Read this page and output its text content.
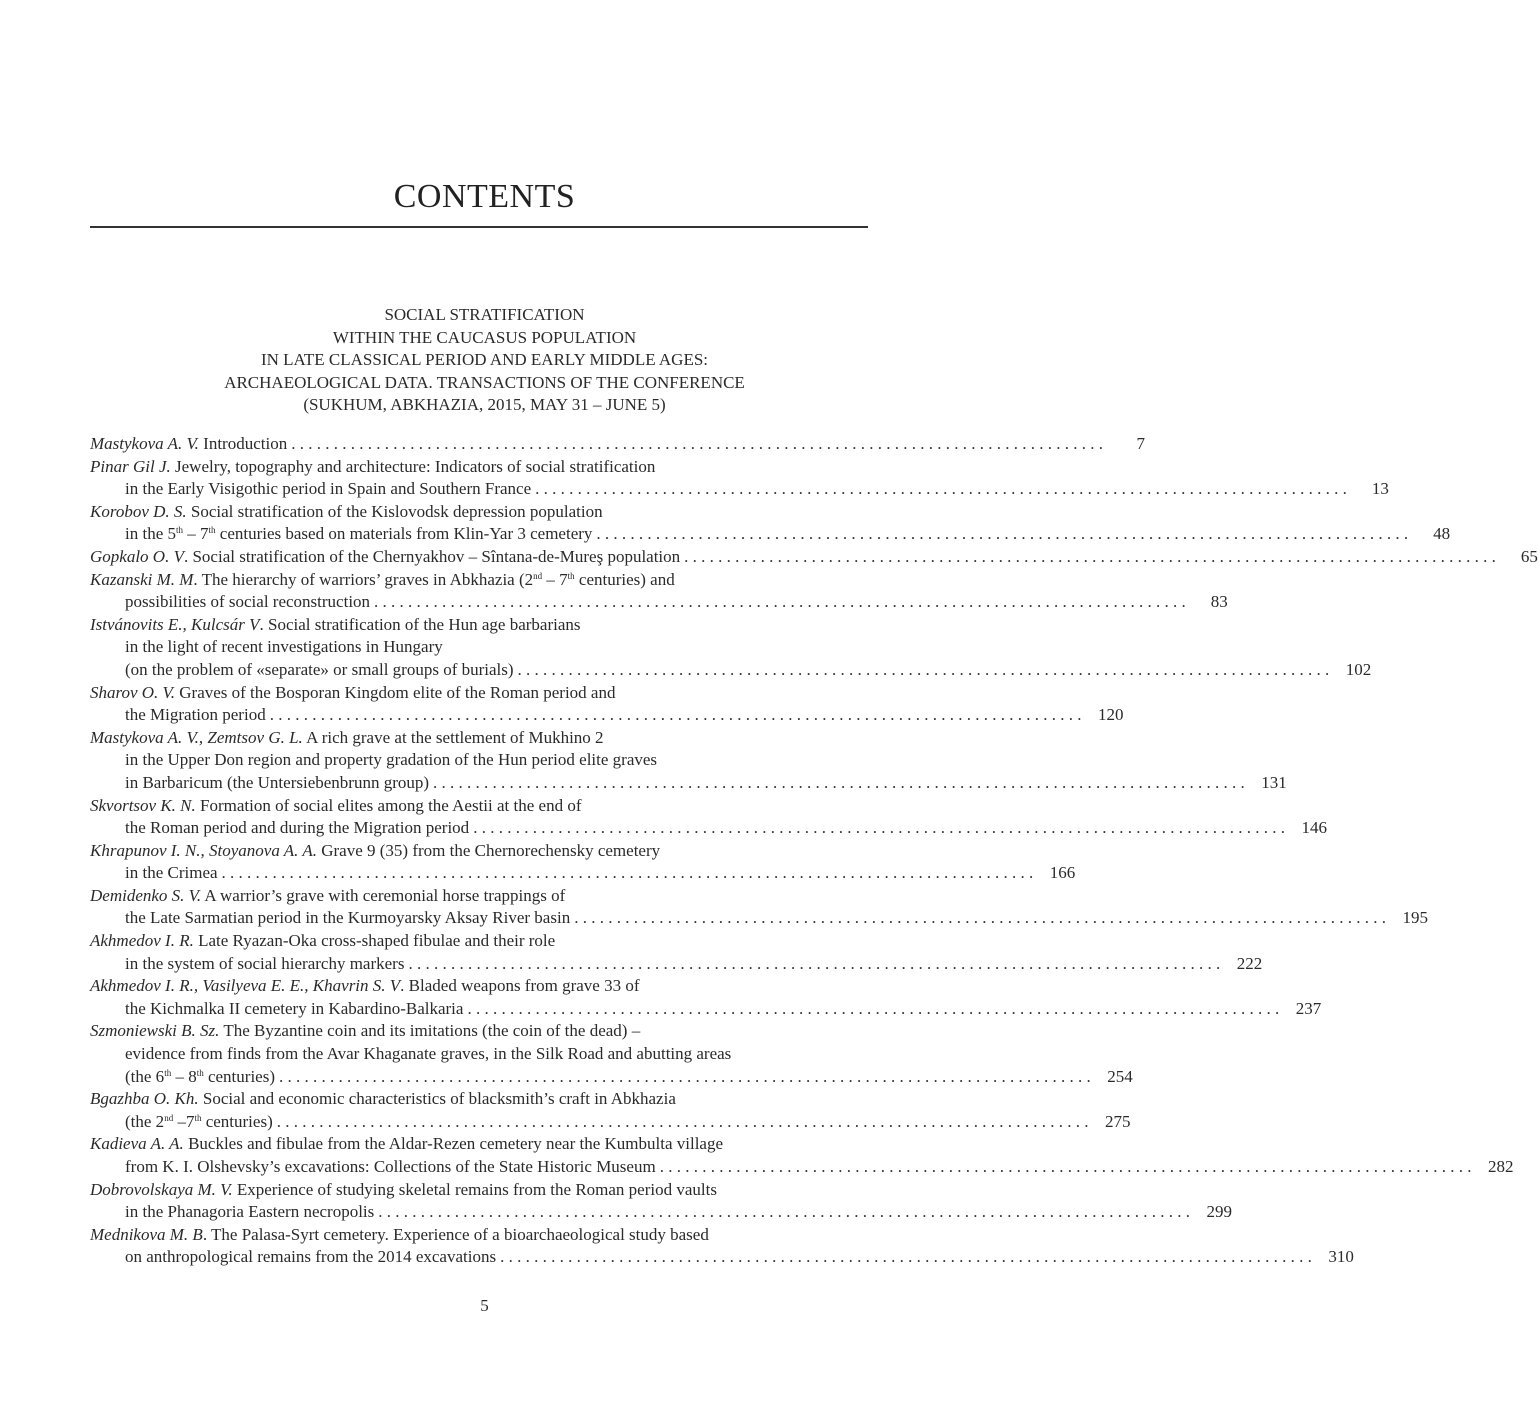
CONTENTS
SOCIAL STRATIFICATION
WITHIN THE CAUCASUS POPULATION
IN LATE CLASSICAL PERIOD AND EARLY MIDDLE AGES:
ARCHAEOLOGICAL DATA. TRANSACTIONS OF THE CONFERENCE
(SUKHUM, ABKHAZIA, 2015, MAY 31 – JUNE 5)
Mastykova A. V. Introduction . . .	7
Pinar Gil J. Jewelry, topography and architecture: Indicators of social stratification
in the Early Visigothic period in Spain and Southern France . . .	13
Korobov D. S. Social stratification of the Kislovodsk depression population
in the 5th – 7th centuries based on materials from Klin-Yar 3 cemetery . . .	48
Gopkalo O. V. Social stratification of the Chernyakhov – Sîntana-de-Mureş population . . .	65
Kazanski M. M. The hierarchy of warriors’ graves in Abkhazia (2nd – 7th centuries) and
possibilities of social reconstruction . . .	83
Istvánovits E., Kulcsár V. Social stratification of the Hun age barbarians
in the light of recent investigations in Hungary
(on the problem of «separate» or small groups of burials) . . .	102
Sharov O. V. Graves of the Bosporan Kingdom elite of the Roman period and
the Migration period . . .	120
Mastykova A. V., Zemtsov G. L. A rich grave at the settlement of Mukhino 2
in the Upper Don region and property gradation of the Hun period elite graves
in Barbaricum (the Untersiebenbrunn group) . . .	131
Skvortsov K. N. Formation of social elites among the Aestii at the end of
the Roman period and during the Migration period . . .	146
Khrapunov I. N., Stoyanova A. A. Grave 9 (35) from the Chernorechensky cemetery
in the Crimea . . .	166
Demidenko S. V. A warrior’s grave with ceremonial horse trappings of
the Late Sarmatian period in the Kurmoyarsky Aksay River basin . . .	195
Akhmedov I. R. Late Ryazan-Oka cross-shaped fibulae and their role
in the system of social hierarchy markers . . .	222
Akhmedov I. R., Vasilyeva E. E., Khavrin S. V. Bladed weapons from grave 33 of
the Kichmalka II cemetery in Kabardino-Balkaria . . .	237
Szmoniewski B. Sz. The Byzantine coin and its imitations (the coin of the dead) –
evidence from finds from the Avar Khaganate graves, in the Silk Road and abutting areas
(the 6th – 8th centuries) . . .	254
Bgazhba O. Kh. Social and economic characteristics of blacksmith’s craft in Abkhazia
(the 2nd –7th centuries) . . .	275
Kadieva A. A. Buckles and fibulae from the Aldar-Rezen cemetery near the Kumbulta village
from K. I. Olshevsky’s excavations: Collections of the State Historic Museum . . .	282
Dobrovolskaya M. V. Experience of studying skeletal remains from the Roman period vaults
in the Phanagoria Eastern necropolis . . .	299
Mednikova M. B. The Palasa-Syrt cemetery. Experience of a bioarchaeological study based
on anthropological remains from the 2014 excavations . . .	310
5
